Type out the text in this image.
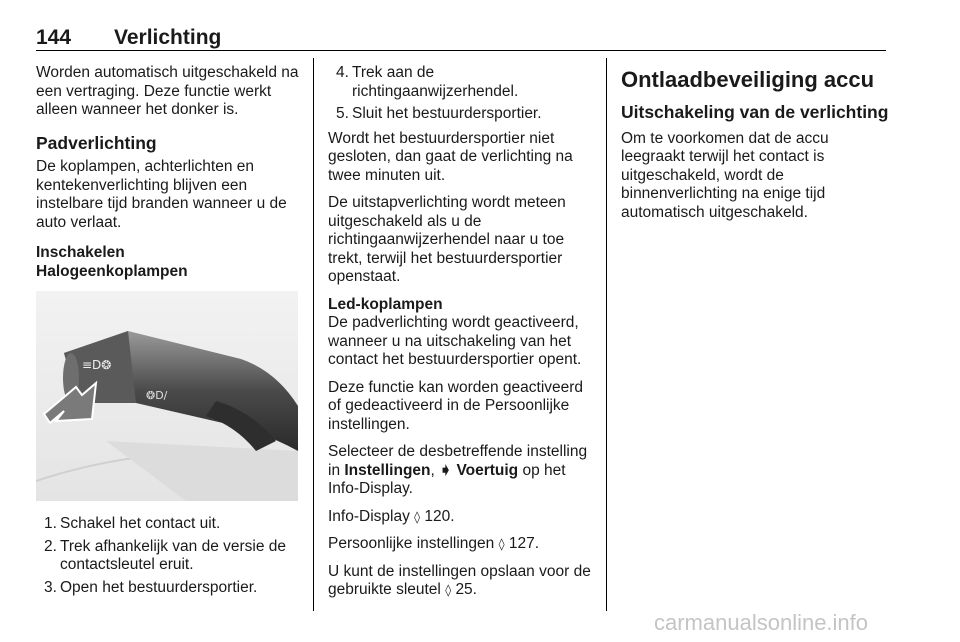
144 Verlichting

Worden automatisch uitgeschakeld na een vertraging. Deze functie werkt alleen wanneer het donker is.

Padverlichting

De koplampen, achterlichten en kentekenverlichting blijven een instelbare tijd branden wanneer u de auto verlaat.

Inschakelen
Halogeenkoplampen
≡D❂
❂D/
1. Schakel het contact uit.
2. Trek afhankelijk van de versie de contactsleutel eruit.
3. Open het bestuurdersportier.
4. Trek aan de richtingaanwijzerhendel.
5. Sluit het bestuurdersportier.

Wordt het bestuurdersportier niet gesloten, dan gaat de verlichting na twee minuten uit.

De uitstapverlichting wordt meteen uitgeschakeld als u de richtingaanwijzerhendel naar u toe trekt, terwijl het bestuurdersportier openstaat.

Led-koplampen

De padverlichting wordt geactiveerd, wanneer u na uitschakeling van het contact het bestuurdersportier opent.

Deze functie kan worden geactiveerd of gedeactiveerd in de Persoonlijke instellingen.

Selecteer de desbetreffende instelling in Instellingen, ➧ Voertuig op het Info-Display.

Info-Display ◊ 120.

Persoonlijke instellingen ◊ 127.

U kunt de instellingen opslaan voor de gebruikte sleutel ◊ 25.

Ontlaadbeveiliging accu
Uitschakeling van de verlichting

Om te voorkomen dat de accu leegraakt terwijl het contact is uitgeschakeld, wordt de binnenverlichting na enige tijd automatisch uitgeschakeld.

carmanualsonline.info
